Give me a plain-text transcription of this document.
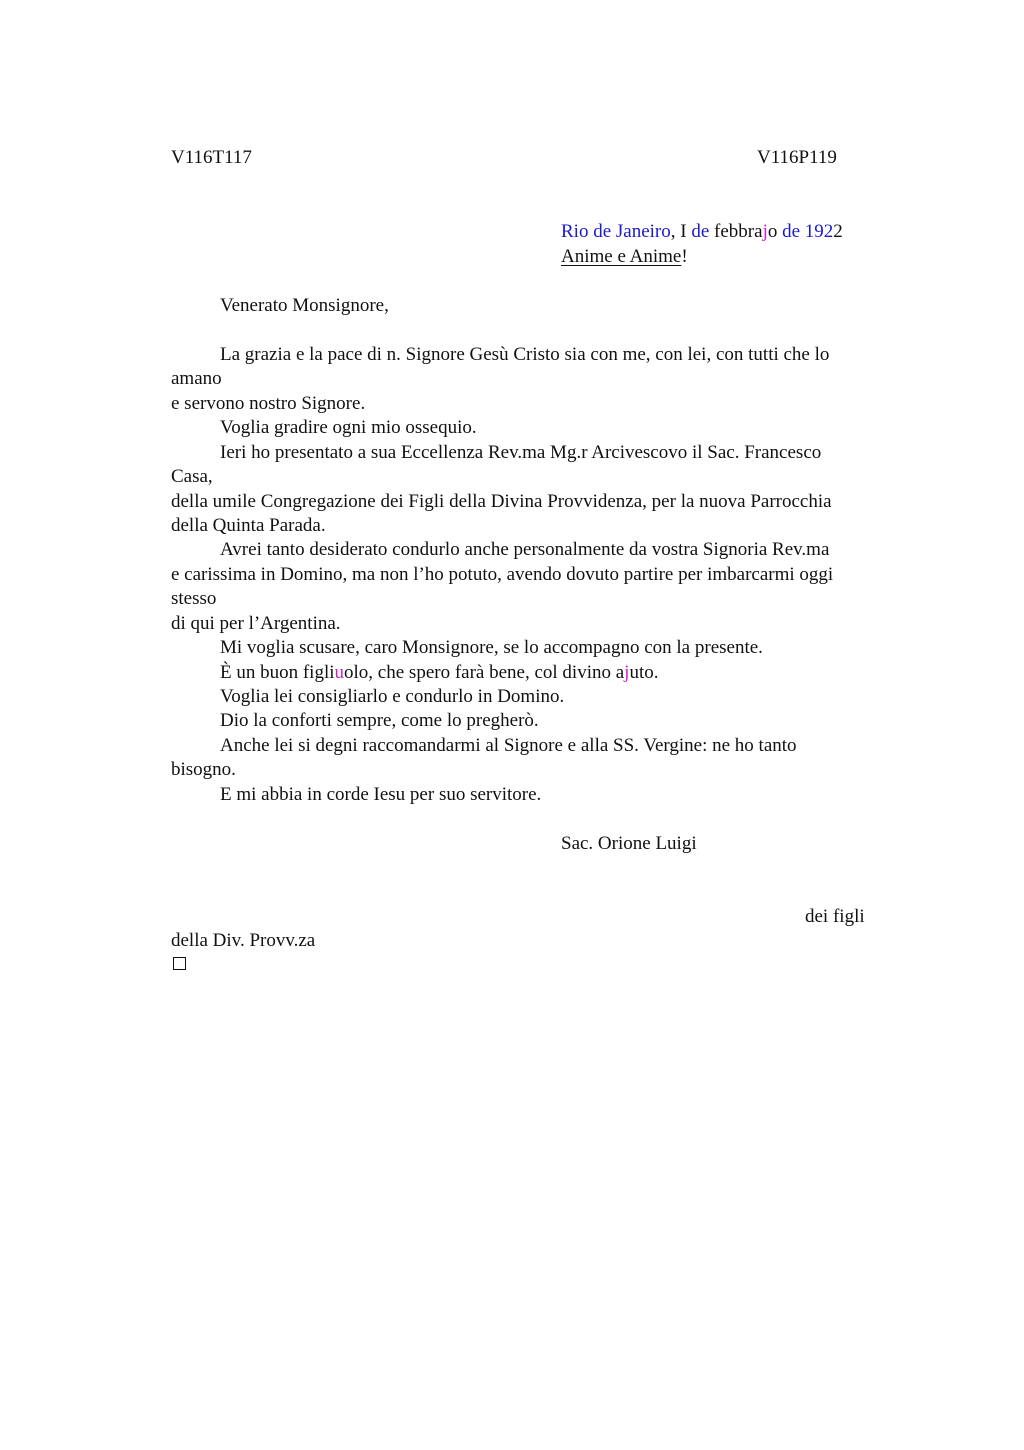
V116T117	V116P119
Rio de Janeiro, I de febbrajo de 1922
Anime e Anime!
Venerato Monsignore,
La grazia e la pace di n. Signore Gesù Cristo sia con me, con lei, con tutti che lo
amano
e servono nostro Signore.
Voglia gradire ogni mio ossequio.
Ieri ho presentato a sua Eccellenza Rev.ma Mg.r Arcivescovo il Sac. Francesco
Casa,
della umile Congregazione dei Figli della Divina Provvidenza, per la nuova Parrocchia
della Quinta Parada.
Avrei tanto desiderato condurlo anche personalmente da vostra Signoria Rev.ma
e carissima in Domino, ma non l’ho potuto, avendo dovuto partire per imbarcarmi oggi
stesso
di qui per l’Argentina.
Mi voglia scusare, caro Monsignore, se lo accompagno con la presente.
È un buon figliuolo, che spero farà bene, col divino ajuto.
Voglia lei consigliarlo e condurlo in Domino.
Dio la conforti sempre, come lo pregherò.
Anche lei si degni raccomandarmi al Signore e alla SS. Vergine: ne ho tanto
bisogno.
E mi abbia in corde Iesu per suo servitore.
Sac. Orione Luigi
dei figli
della Div. Provv.za
